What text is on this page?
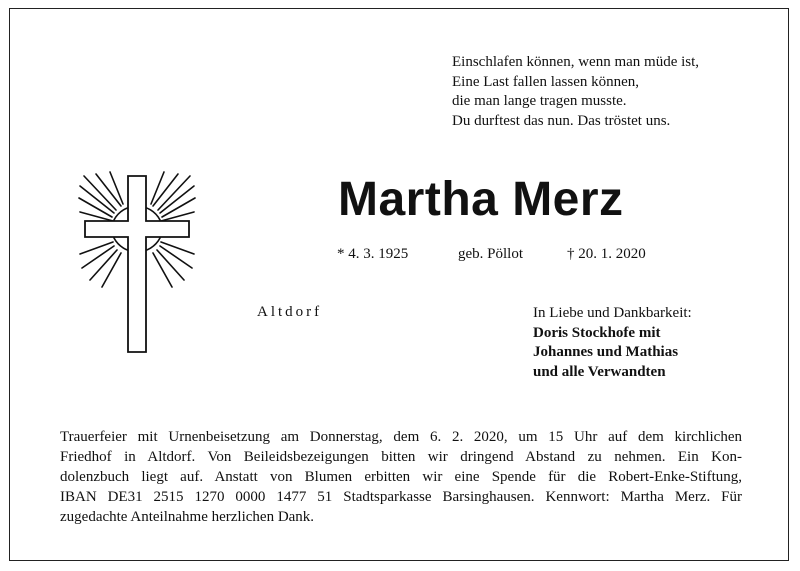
Einschlafen können, wenn man müde ist,
Eine Last fallen lassen können,
die man lange tragen musste.
Du durftest das nun. Das tröstet uns.
Martha Merz
* 4. 3. 1925	geb. Pöllot	† 20. 1. 2020
Altdorf	In Liebe und Dankbarkeit:
Doris Stockhofe mit
Johannes und Mathias
und alle Verwandten
Trauerfeier mit Urnenbeisetzung am Donnerstag, dem 6. 2. 2020, um 15 Uhr auf dem kirchlichen
Friedhof in Altdorf. Von Beileidsbezeigungen bitten wir dringend Abstand zu nehmen. Ein Kon-
dolenzbuch liegt auf. Anstatt von Blumen erbitten wir eine Spende für die Robert-Enke-Stiftung,
IBAN DE31 2515 1270 0000 1477 51 Stadtsparkasse Barsinghausen. Kennwort: Martha Merz. Für
zugedachte Anteilnahme herzlichen Dank.
